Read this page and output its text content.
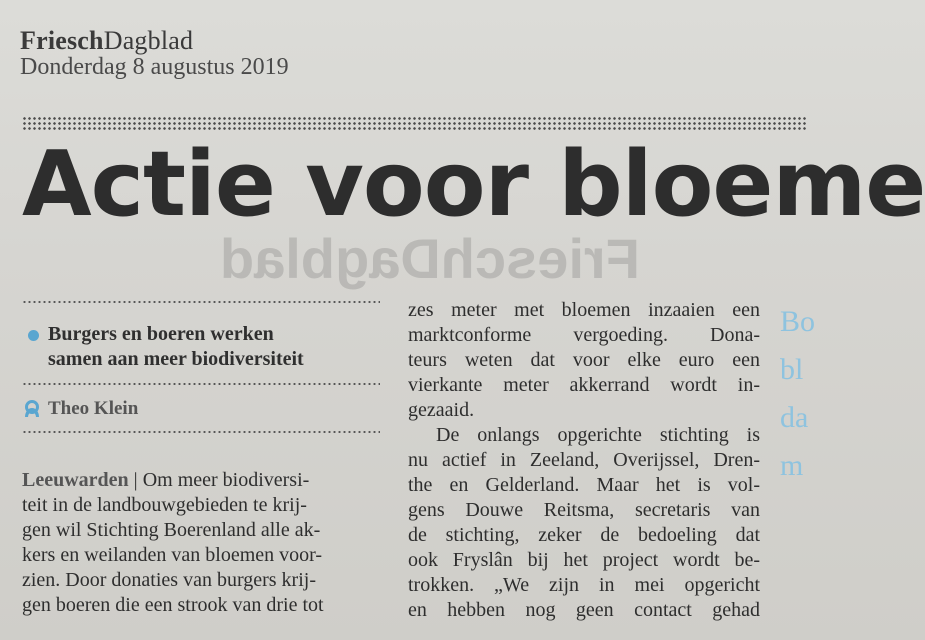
FrieschDagblad
Donderdag 8 augustus 2019
Actie voor bloeme
FrieschDagblad
Burgers en boeren werken
samen aan meer biodiversiteit
Theo Klein
Leeuwarden | Om meer biodiversi-
teit in de landbouwgebieden te krij-
gen wil Stichting Boerenland alle ak-
kers en weilanden van bloemen voor-
zien. Door donaties van burgers krij-
gen boeren die een strook van drie tot
zes meter met bloemen inzaaien een
marktconforme vergoeding. Dona-
teurs weten dat voor elke euro een
vierkante meter akkerrand wordt in-
gezaaid.
De onlangs opgerichte stichting is
nu actief in Zeeland, Overijssel, Dren-
the en Gelderland. Maar het is vol-
gens Douwe Reitsma, secretaris van
de stichting, zeker de bedoeling dat
ook Fryslân bij het project wordt be-
trokken. „We zijn in mei opgericht
en hebben nog geen contact gehad
Bo
bl
da
m
